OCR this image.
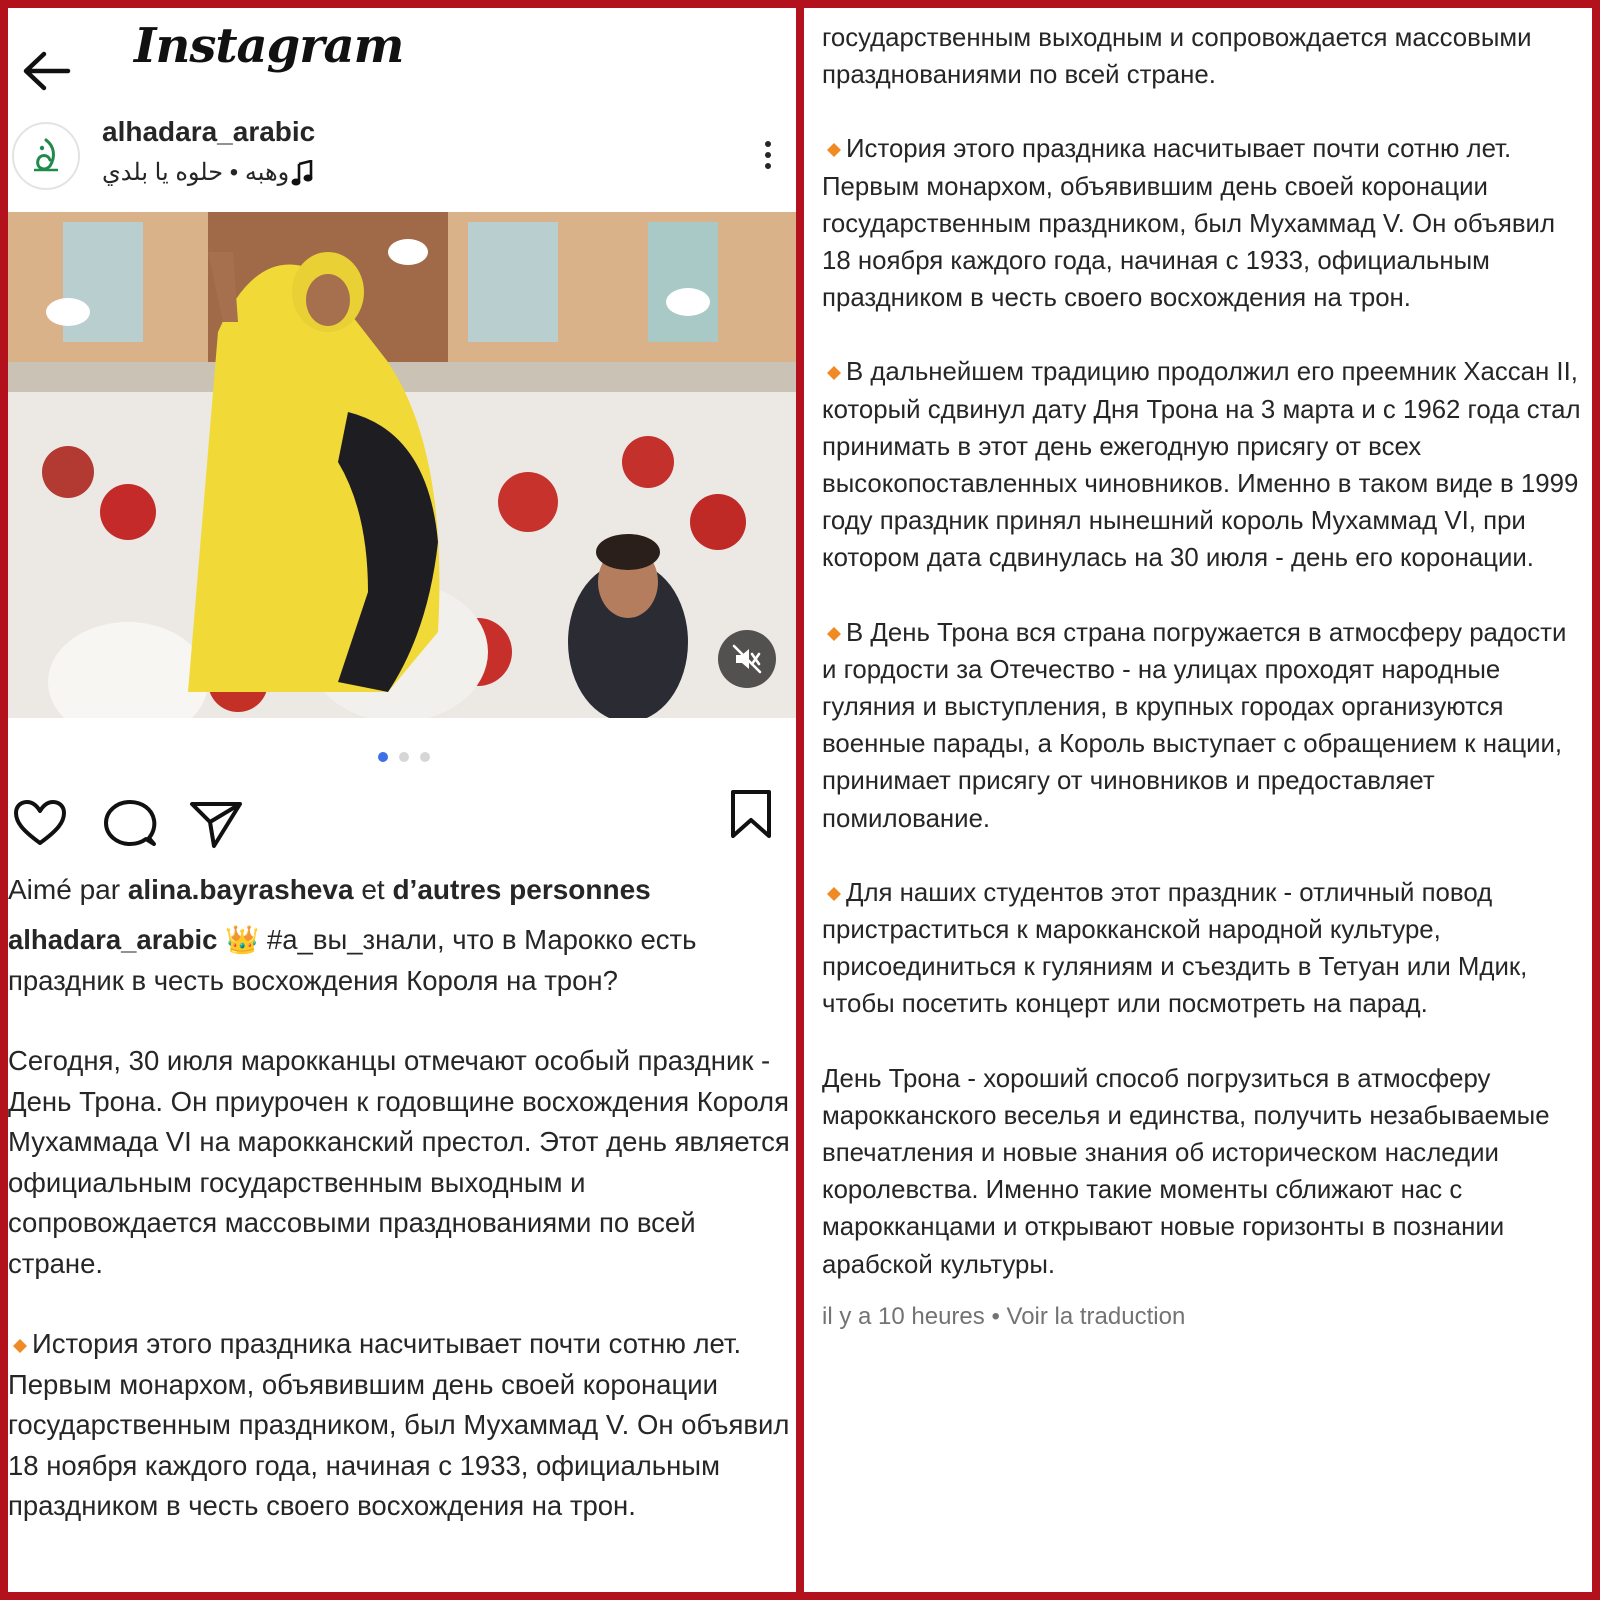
Instagram
alhadara_arabic
وهبه • حلوه يا بلدي
Aimé par alina.bayrasheva et d’autres personnes

alhadara_arabic 👑 #а_вы_знали, что в Марокко есть праздник в честь восхождения Короля на трон?

Сегодня, 30 июля марокканцы отмечают особый праздник - День Трона. Он приурочен к годовщине восхождения Короля Мухаммада VI на марокканский престол. Этот день является официальным государственным выходным и сопровождается массовыми празднованиями по всей стране.

История этого праздника насчитывает почти сотню лет. Первым монархом, объявившим день своей коронации государственным праздником, был Мухаммад V. Он объявил 18 ноября каждого года, начиная с 1933, официальным праздником в честь своего восхождения на трон.

государственным выходным и сопровождается массовыми празднованиями по всей стране.

История этого праздника насчитывает почти сотню лет. Первым монархом, объявившим день своей коронации государственным праздником, был Мухаммад V. Он объявил 18 ноября каждого года, начиная с 1933, официальным праздником в честь своего восхождения на трон.

В дальнейшем традицию продолжил его преемник Хассан II, который сдвинул дату Дня Трона на 3 марта и с 1962 года стал принимать в этот день ежегодную присягу от всех высокопоставленных чиновников. Именно в таком виде в 1999 году праздник принял нынешний король Мухаммад VI, при котором дата сдвинулась на 30 июля - день его коронации.

В День Трона вся страна погружается в атмосферу радости и гордости за Отечество - на улицах проходят народные гуляния и выступления, в крупных городах организуются военные парады, а Король выступает с обращением к нации, принимает присягу от чиновников и предоставляет помилование.

Для наших студентов этот праздник - отличный повод пристраститься к марокканской народной культуре, присоединиться к гуляниям и съездить в Тетуан или Мдик, чтобы посетить концерт или посмотреть на парад.

День Трона - хороший способ погрузиться в атмосферу марокканского веселья и единства, получить незабываемые впечатления и новые знания об историческом наследии королевства. Именно такие моменты сближают нас с марокканцами и открывают новые горизонты в познании арабской культуры.

il y a 10 heures • Voir la traduction
